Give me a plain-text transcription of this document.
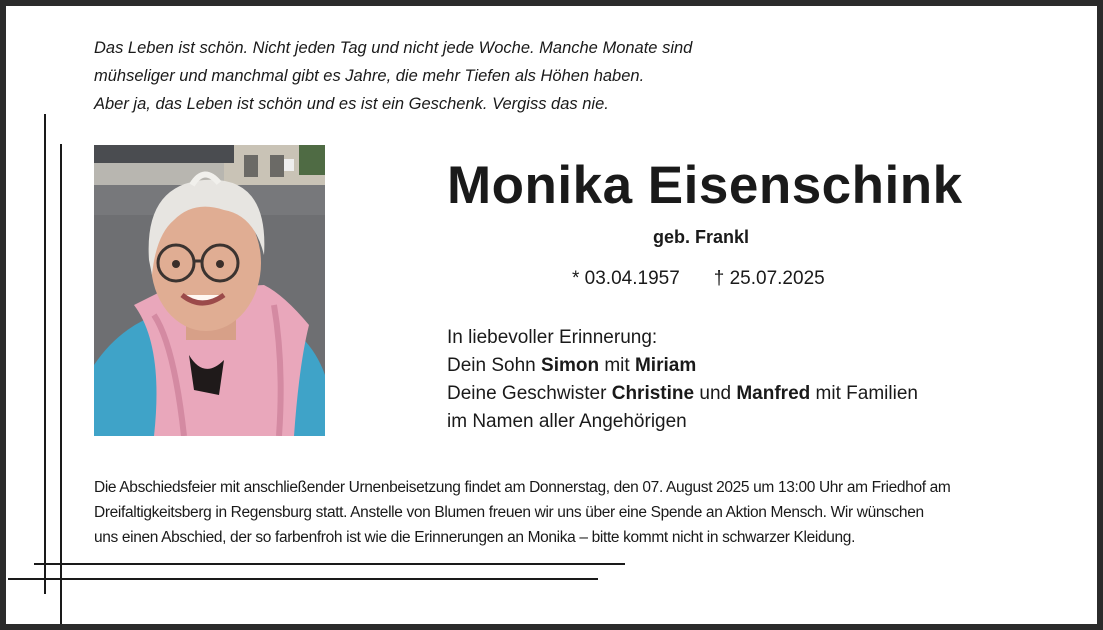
Das Leben ist schön. Nicht jeden Tag und nicht jede Woche. Manche Monate sind
mühseliger und manchmal gibt es Jahre, die mehr Tiefen als Höhen haben.
Aber ja, das Leben ist schön und es ist ein Geschenk. Vergiss das nie.
Monika Eisenschink
geb. Frankl
* 03.04.1957 † 25.07.2025
In liebevoller Erinnerung:
Dein Sohn Simon mit Miriam
Deine Geschwister Christine und Manfred mit Familien
im Namen aller Angehörigen
Die Abschiedsfeier mit anschließender Urnenbeisetzung findet am Donnerstag, den 07. August 2025 um 13:00 Uhr am Friedhof am
Dreifaltigkeitsberg in Regensburg statt. Anstelle von Blumen freuen wir uns über eine Spende an Aktion Mensch. Wir wünschen
uns einen Abschied, der so farbenfroh ist wie die Erinnerungen an Monika – bitte kommt nicht in schwarzer Kleidung.
